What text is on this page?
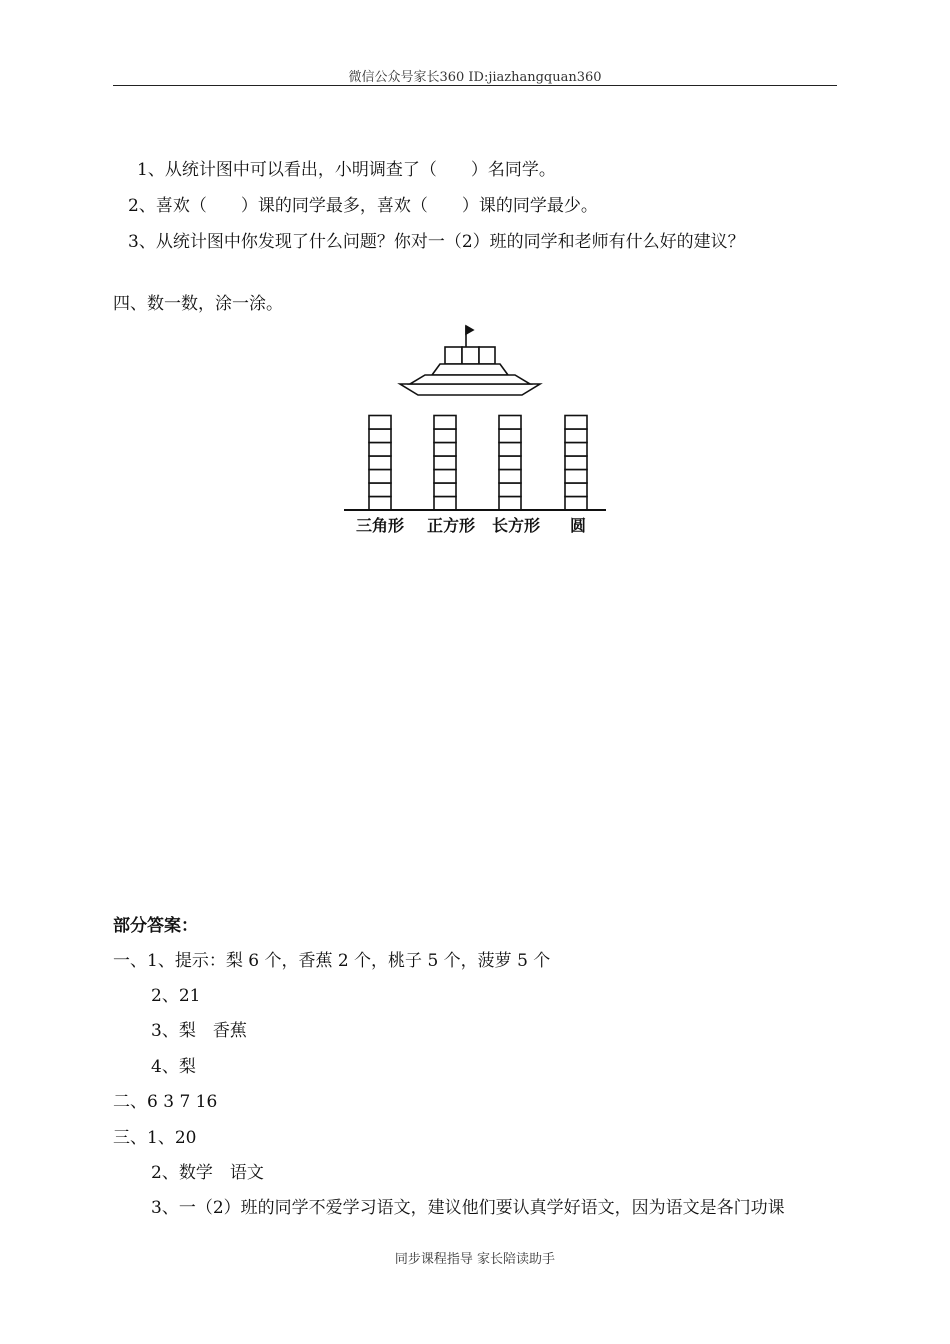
微信公众号家长360 ID:jiazhangquan360
1、从统计图中可以看出，小明调查了（　　）名同学。
2、喜欢（　　）课的同学最多，喜欢（　　）课的同学最少。
3、从统计图中你发现了什么问题？你对一（2）班的同学和老师有什么好的建议？
四、数一数，涂一涂。
三角形 正方形 长方形 圆
部分答案：
一、1、提示：梨 6 个，香蕉 2 个，桃子 5 个，菠萝 5 个
2、21
3、梨　香蕉
4、梨
二、6 3 7 16
三、1、20
2、数学　语文
3、一（2）班的同学不爱学习语文，建议他们要认真学好语文，因为语文是各门功课
同步课程指导 家长陪读助手
